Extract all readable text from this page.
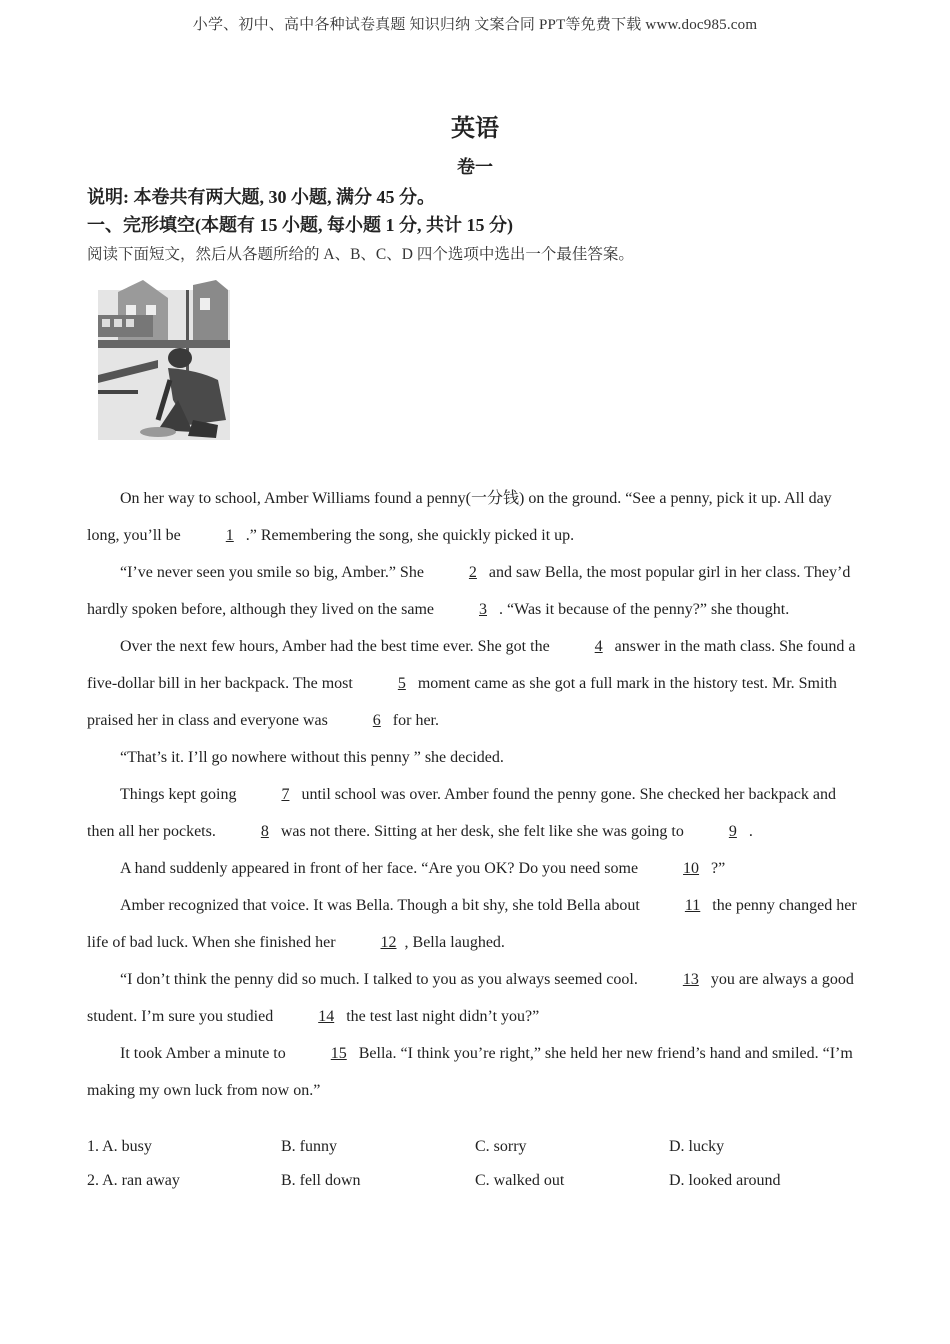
小学、初中、高中各种试卷真题 知识归纳 文案合同 PPT等免费下载 www.doc985.com
英语
卷一
说明: 本卷共有两大题, 30 小题, 满分 45 分。
一、完形填空(本题有 15 小题, 每小题 1 分, 共计 15 分)
阅读下面短文，然后从各题所给的 A、B、C、D 四个选项中选出一个最佳答案。

On her way to school, Amber Williams found a penny(一分钱) on the ground. “See a penny, pick it up. All day long, you’ll be	1 .” Remembering the song, she quickly picked it up.

“I’ve never seen you smile so big, Amber.” She	2 and saw Bella, the most popular girl in her class. They’d hardly spoken before, although they lived on the same	3 . “Was it because of the penny?” she thought.

Over the next few hours, Amber had the best time ever. She got the	4 answer in the math class. She found a five-dollar bill in her backpack. The most	5 moment came as she got a full mark in the history test. Mr. Smith praised her in class and everyone was	6 for her.

“That’s it. I’ll go nowhere without this penny ” she decided.

Things kept going	7 until school was over. Amber found the penny gone. She checked her backpack and then all her pockets.	8 was not there. Sitting at her desk, she felt like she was going to	9 .

A hand suddenly appeared in front of her face. “Are you OK? Do you need some	10 ?”

Amber recognized that voice. It was Bella. Though a bit shy, she told Bella about	11 the penny changed her life of bad luck. When she finished her	12 , Bella laughed.

“I don’t think the penny did so much. I talked to you as you always seemed cool.	13 you are always a good student. I’m sure you studied	14 the test last night didn’t you?”

It took Amber a minute to	15 Bella. “I think you’re right,” she held her new friend’s hand and smiled. “I’m making my own luck from now on.”

1. A. busy	B. funny	C. sorry	D. lucky
2. A. ran away	B. fell down	C. walked out	D. looked around
